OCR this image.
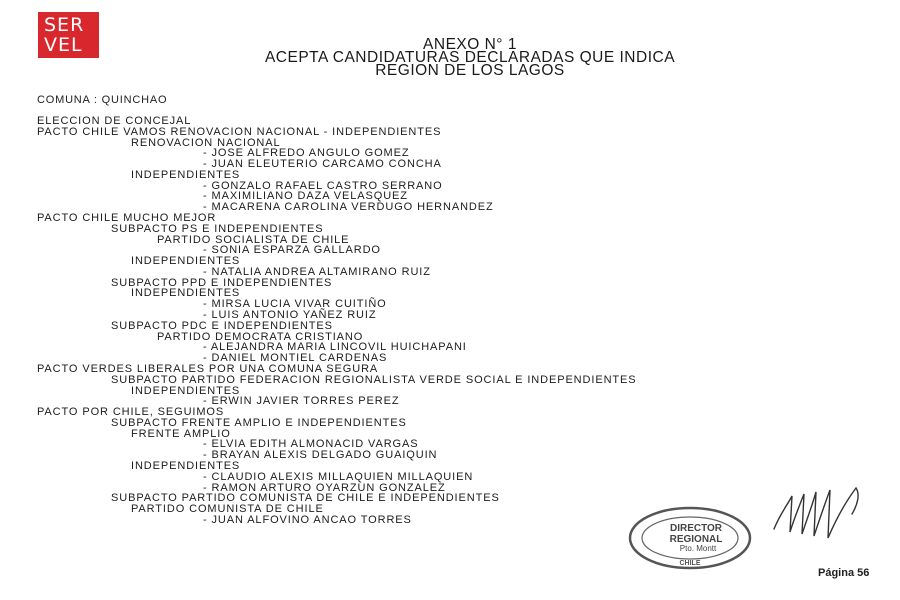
SER
VEL	ANEXO N° 1
ACEPTA CANDIDATURAS DECLARADAS QUE INDICA
REGION DE LOS LAGOS
COMUNA : QUINCHAO
ELECCION DE CONCEJAL
PACTO CHILE VAMOS RENOVACION NACIONAL - INDEPENDIENTES
RENOVACION NACIONAL
- JOSE ALFREDO ANGULO GOMEZ
- JUAN ELEUTERIO CARCAMO CONCHA
INDEPENDIENTES
- GONZALO RAFAEL CASTRO SERRANO
- MAXIMILIANO DAZA VELASQUEZ
- MACARENA CAROLINA VERDUGO HERNANDEZ
PACTO CHILE MUCHO MEJOR
SUBPACTO PS E INDEPENDIENTES
PARTIDO SOCIALISTA DE CHILE
- SONIA ESPARZA GALLARDO
INDEPENDIENTES
- NATALIA ANDREA ALTAMIRANO RUIZ
SUBPACTO PPD E INDEPENDIENTES
INDEPENDIENTES
- MIRSA LUCIA VIVAR CUITIÑO
- LUIS ANTONIO YAÑEZ RUIZ
SUBPACTO PDC E INDEPENDIENTES
PARTIDO DEMOCRATA CRISTIANO
- ALEJANDRA MARIA LINCOVIL HUICHAPANI
- DANIEL MONTIEL CARDENAS
PACTO VERDES LIBERALES POR UNA COMUNA SEGURA
SUBPACTO PARTIDO FEDERACION REGIONALISTA VERDE SOCIAL E INDEPENDIENTES
INDEPENDIENTES
- ERWIN JAVIER TORRES PEREZ
PACTO POR CHILE, SEGUIMOS
SUBPACTO FRENTE AMPLIO E INDEPENDIENTES
FRENTE AMPLIO
- ELVIA EDITH ALMONACID VARGAS
- BRAYAN ALEXIS DELGADO GUAIQUIN
INDEPENDIENTES
- CLAUDIO ALEXIS MILLAQUIEN MILLAQUIEN
- RAMON ARTURO OYARZUN GONZALEZ
SUBPACTO PARTIDO COMUNISTA DE CHILE E INDEPENDIENTES
PARTIDO COMUNISTA DE CHILE
- JUAN ALFOVINO ANCAO TORRES
DIRECTOR
REGIONAL
Pto. Montt
CHILE
Página 56
